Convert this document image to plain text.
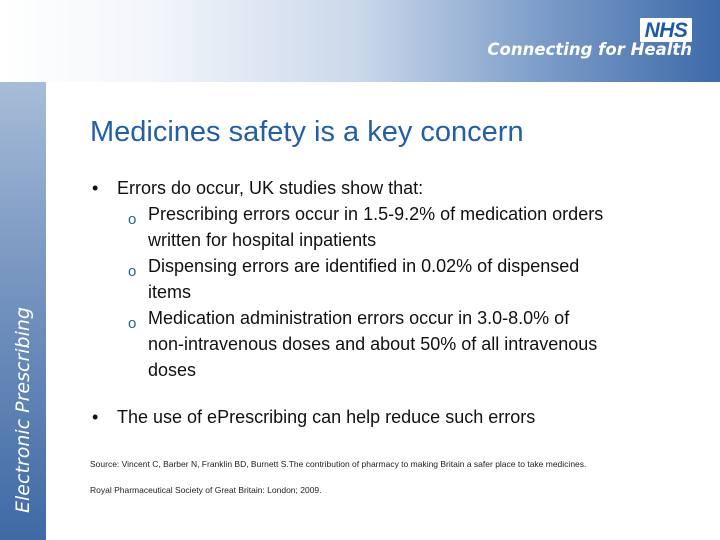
Electronic Prescribing
NHS
Connecting for Health
Medicines safety is a key concern
• Errors do occur, UK studies show that:
o Prescribing errors occur in 1.5-9.2% of medication orders written for hospital inpatients
o Dispensing errors are identified in 0.02% of dispensed items
o Medication administration errors occur in 3.0-8.0% of non-intravenous doses and about 50% of all intravenous doses
• The use of ePrescribing can help reduce such errors

Source: Vincent C, Barber N, Franklin BD, Burnett S.The contribution of pharmacy to making Britain a safer place to take medicines.

Royal Pharmaceutical Society of Great Britain: London; 2009.
